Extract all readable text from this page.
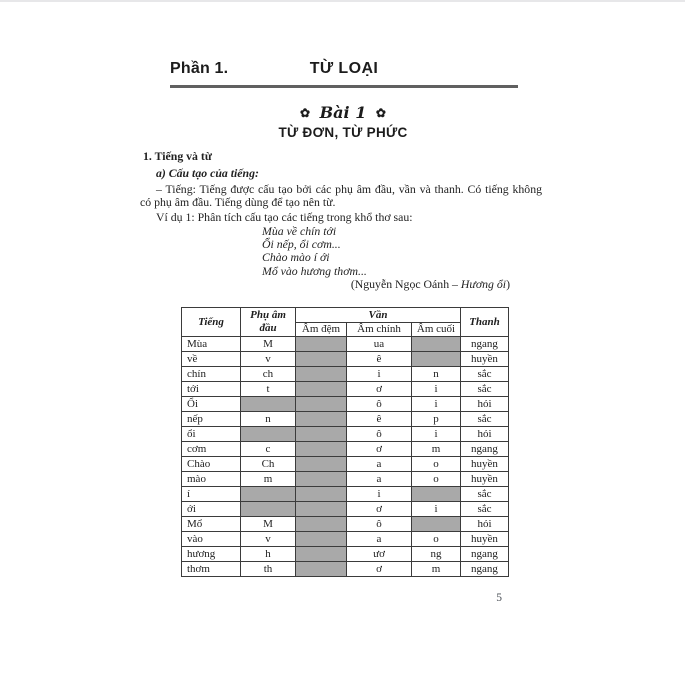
Phần 1.	TỪ LOẠI
✿ Bài 1 ✿
TỪ ĐƠN, TỪ PHỨC
1. Tiếng và từ
a) Cấu tạo của tiếng:
– Tiếng: Tiếng được cấu tạo bởi các phụ âm đầu, vần và thanh. Có tiếng không có phụ âm đầu. Tiếng dùng để tạo nên từ.
Ví dụ 1: Phân tích cấu tạo các tiếng trong khổ thơ sau:
Mùa về chín tới
Ổi nếp, ổi cơm...
Chào mào í ới
Mổ vào hương thơm...
(Nguyễn Ngọc Oánh – Hương ổi)
Tiếng	Phụ âm đầu	Vần			Thanh
		Âm đệm	Âm chính	Âm cuối	
Mùa	M		ua		ngang
về	v		ê		huyền
chín	ch		i	n	sắc
tới	t		ơ	i	sắc
Ổi			ô	i	hỏi
nếp	n		ê	p	sắc
ổi			ô	i	hỏi
cơm	c		ơ	m	ngang
Chào	Ch		a	o	huyền
mào	m		a	o	huyền
í			i		sắc
ới			ơ	i	sắc
Mổ	M		ô		hỏi
vào	v		a	o	huyền
hương	h		ươ	ng	ngang
thơm	th		ơ	m	ngang
5
